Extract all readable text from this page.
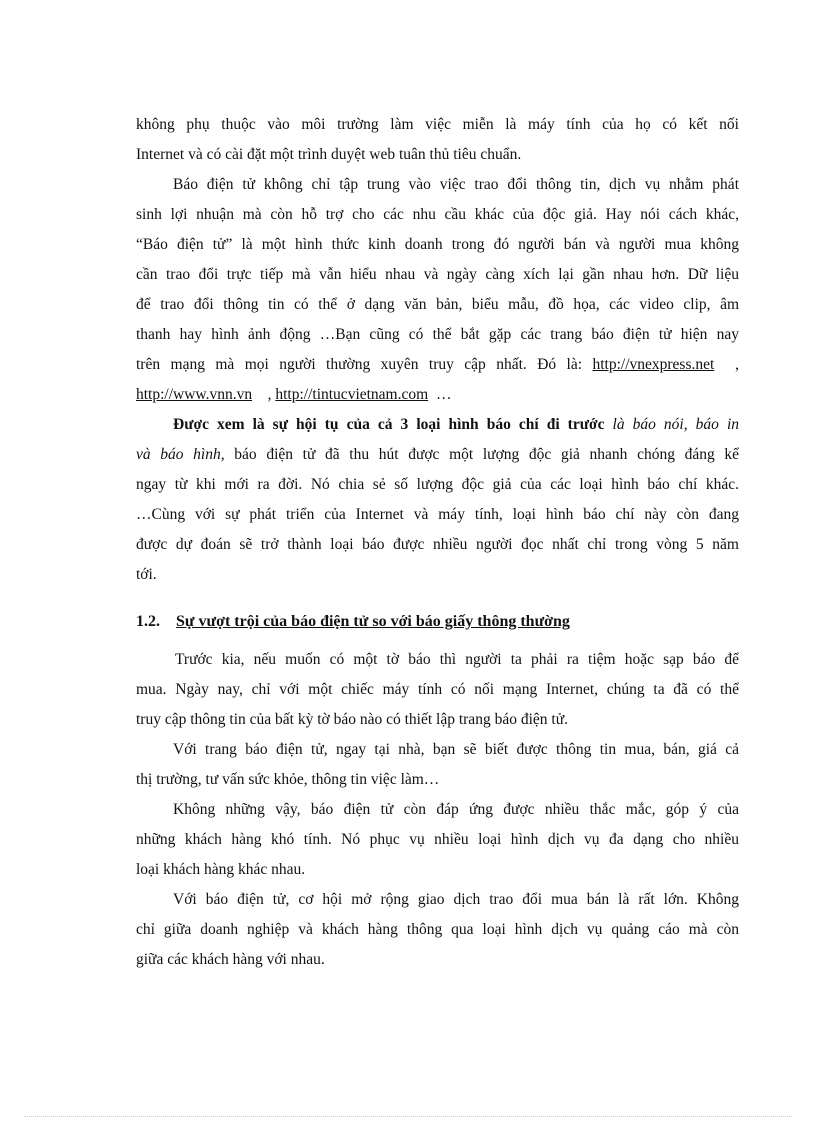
không phụ thuộc vào môi trường làm việc miễn là máy tính của họ có kết nối
Internet và có cài đặt một trình duyệt web tuân thủ tiêu chuẩn.
Báo điện tử không chỉ tập trung vào việc trao đổi thông tin, dịch vụ nhằm phát
sinh lợi nhuận mà còn hỗ trợ cho các nhu cầu khác của độc giả. Hay nói cách khác,
“Báo điện tử” là một hình thức kinh doanh trong đó người bán và người mua không
cần trao đổi trực tiếp mà vẫn hiểu nhau và ngày càng xích lại gần nhau hơn. Dữ liệu
để trao đổi thông tin có thể ở dạng văn bản, biểu mẫu, đồ họa, các video clip, âm
thanh hay hình ảnh động …Bạn cũng có thể bắt gặp các trang báo điện tử hiện nay
trên mạng mà mọi người thường xuyên truy cập nhất. Đó là: http://vnexpress.net ,
http://www.vnn.vn , http://tintucvietnam.com …
Được xem là sự hội tụ của cả 3 loại hình báo chí đi trước là báo nói, báo in
và báo hình, báo điện tử đã thu hút được một lượng độc giả nhanh chóng đáng kể
ngay từ khi mới ra đời. Nó chia sẻ số lượng độc giả của các loại hình báo chí khác.
…Cùng với sự phát triển của Internet và máy tính, loại hình báo chí này còn đang
được dự đoán sẽ trở thành loại báo được nhiều người đọc nhất chỉ trong vòng 5 năm
tới.
1.2. Sự vượt trội của báo điện tử so với báo giấy thông thường
Trước kia, nếu muốn có một tờ báo thì người ta phải ra tiệm hoặc sạp báo để
mua. Ngày nay, chỉ với một chiếc máy tính có nối mạng Internet, chúng ta đã có thể
truy cập thông tin của bất kỳ tờ báo nào có thiết lập trang báo điện tử.
Với trang báo điện tử, ngay tại nhà, bạn sẽ biết được thông tin mua, bán, giá cả
thị trường, tư vấn sức khỏe, thông tin việc làm…
Không những vậy, báo điện tử còn đáp ứng được nhiều thắc mắc, góp ý của
những khách hàng khó tính. Nó phục vụ nhiều loại hình dịch vụ đa dạng cho nhiều
loại khách hàng khác nhau.
Với báo điện tử, cơ hội mở rộng giao dịch trao đổi mua bán là rất lớn. Không
chỉ giữa doanh nghiệp và khách hàng thông qua loại hình dịch vụ quảng cáo mà còn
giữa các khách hàng với nhau.
